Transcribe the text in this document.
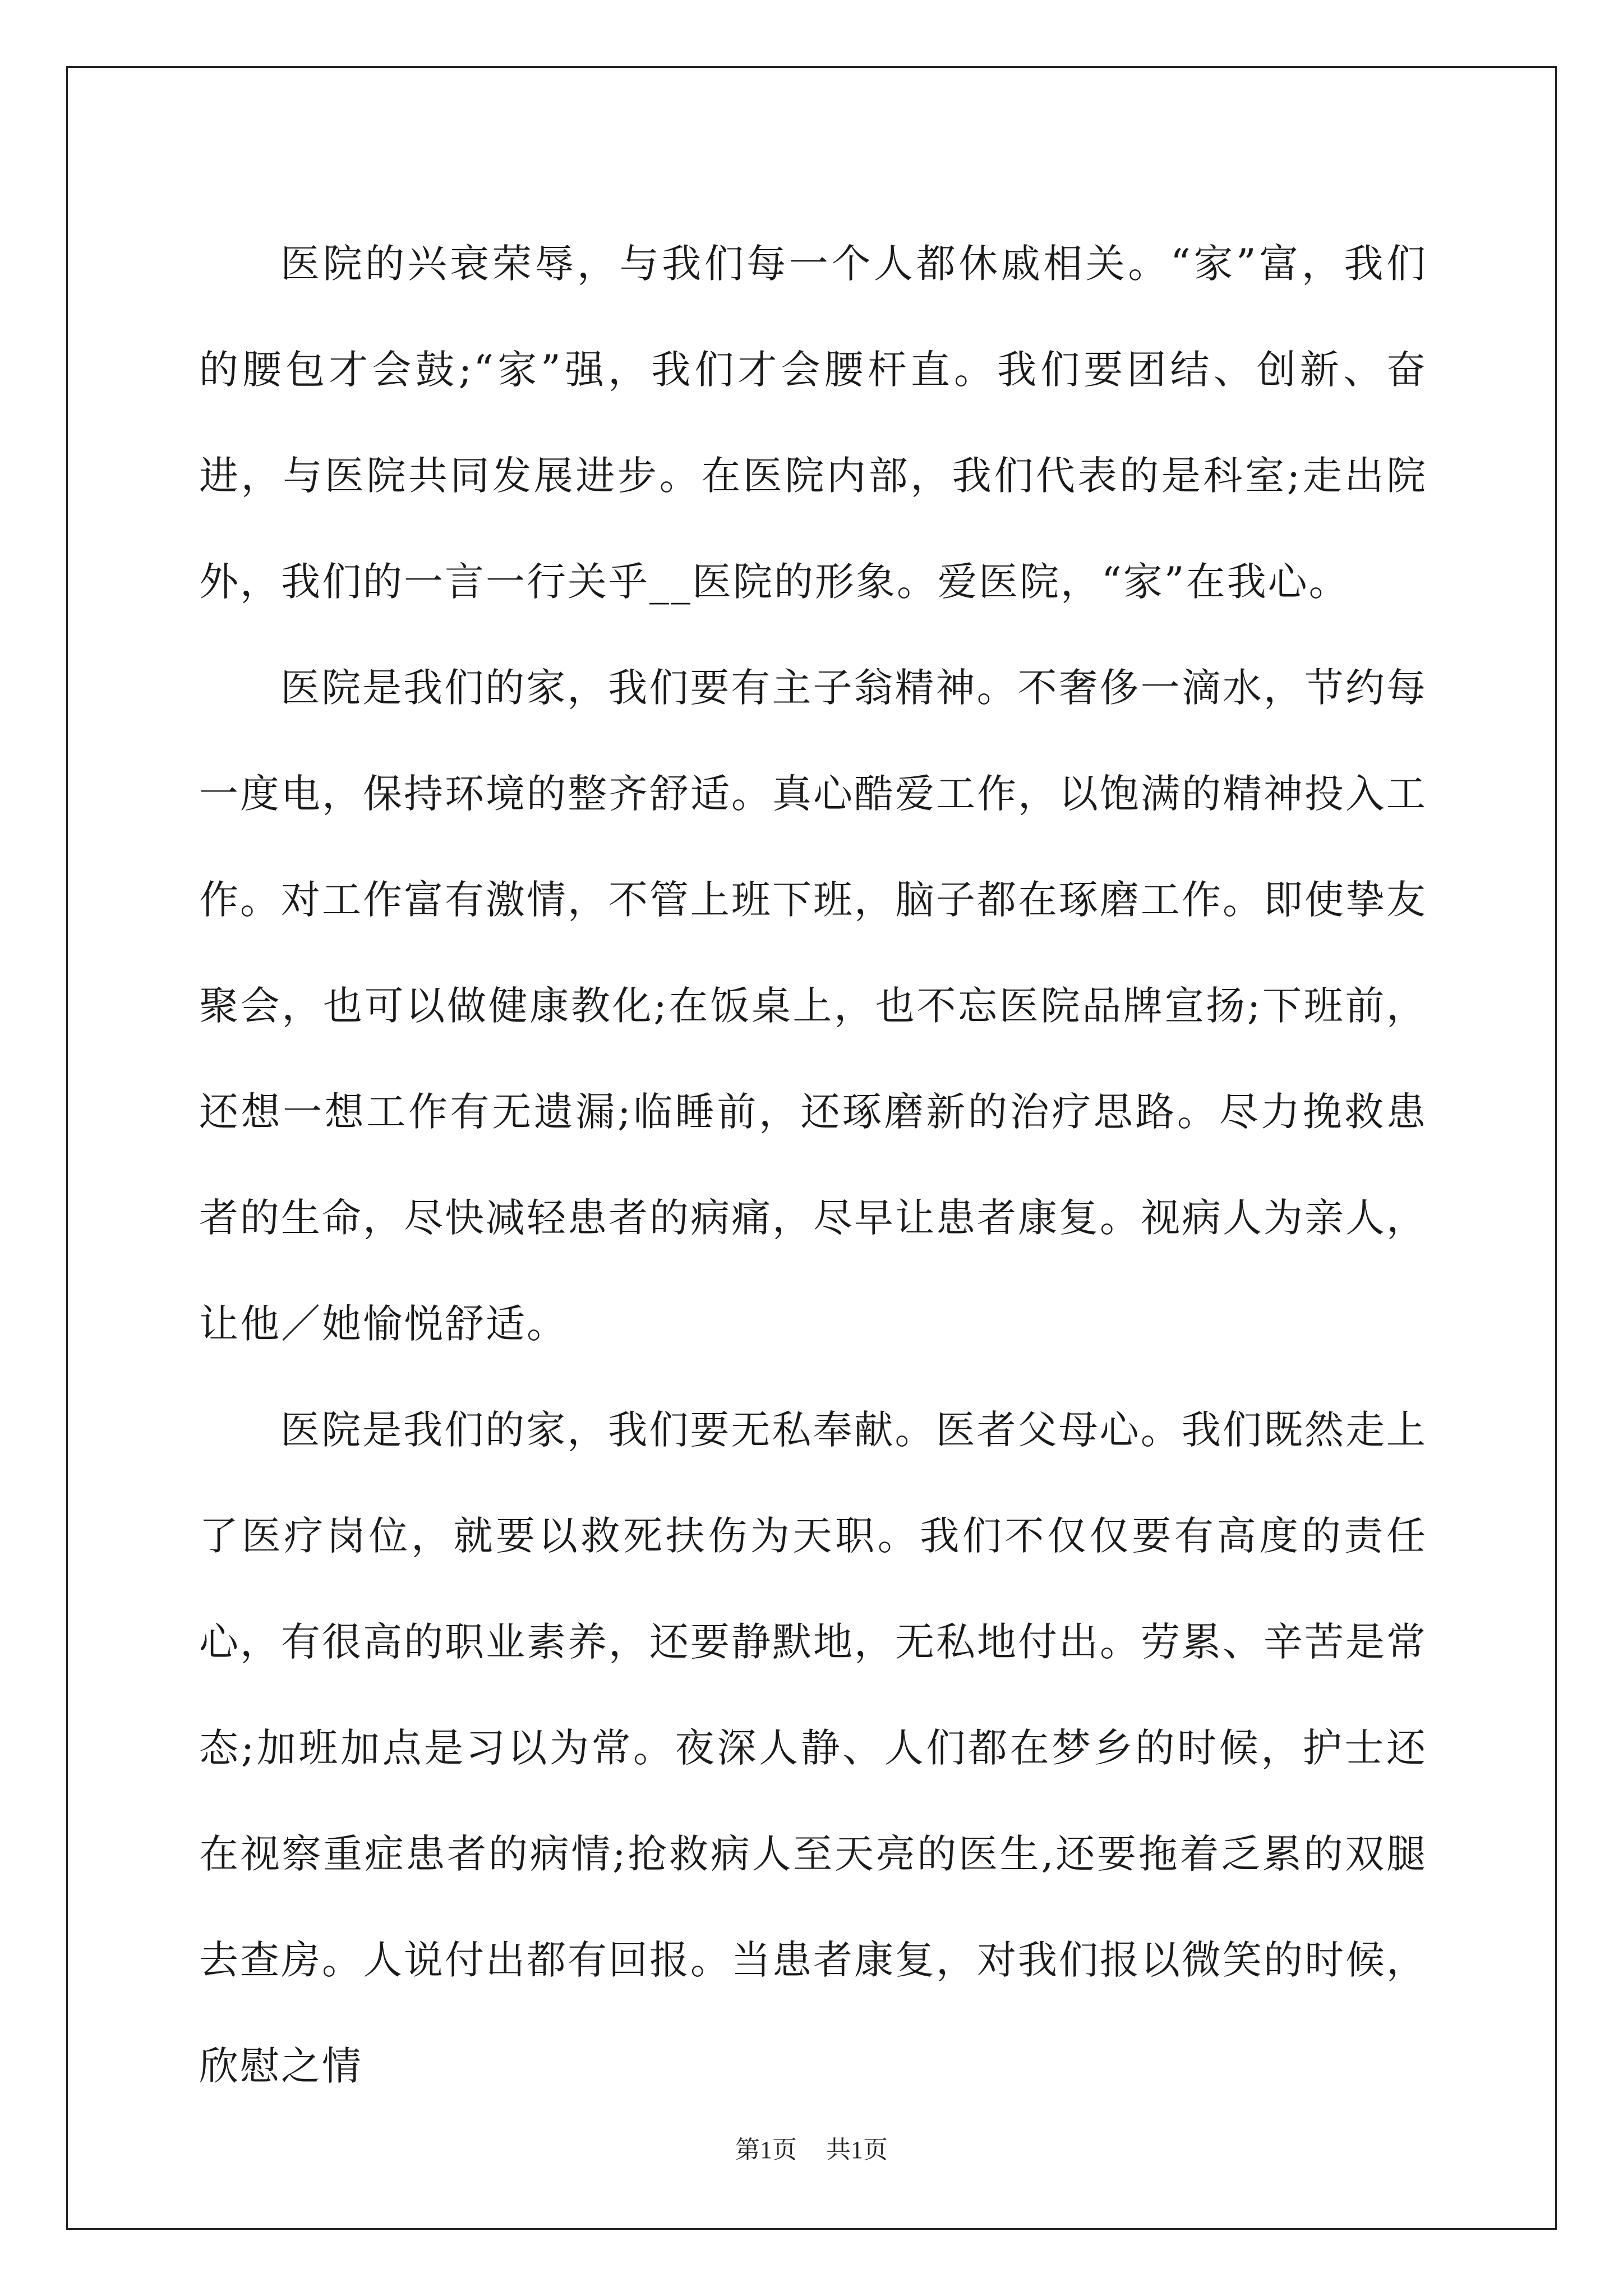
医院的兴衰荣辱，与我们每一个人都休戚相关。“家”富，我们的腰包才会鼓;“家”强，我们才会腰杆直。我们要团结、创新、奋进，与医院共同发展进步。在医院内部，我们代表的是科室;走出院外，我们的一言一行关乎__医院的形象。爱医院，“家”在我心。

医院是我们的家，我们要有主子翁精神。不奢侈一滴水，节约每一度电，保持环境的整齐舒适。真心酷爱工作，以饱满的精神投入工作。对工作富有激情，不管上班下班，脑子都在琢磨工作。即使挚友聚会，也可以做健康教化;在饭桌上，也不忘医院品牌宣扬;下班前，还想一想工作有无遗漏;临睡前，还琢磨新的治疗思路。尽力挽救患者的生命，尽快减轻患者的病痛，尽早让患者康复。视病人为亲人，让他／她愉悦舒适。

医院是我们的家，我们要无私奉献。医者父母心。我们既然走上了医疗岗位，就要以救死扶伤为天职。我们不仅仅要有高度的责任心，有很高的职业素养，还要静默地，无私地付出。劳累、辛苦是常态;加班加点是习以为常。夜深人静、人们都在梦乡的时候，护士还在视察重症患者的病情;抢救病人至天亮的医生,还要拖着乏累的双腿去查房。人说付出都有回报。当患者康复，对我们报以微笑的时候，欣慰之情

第1页 共1页
